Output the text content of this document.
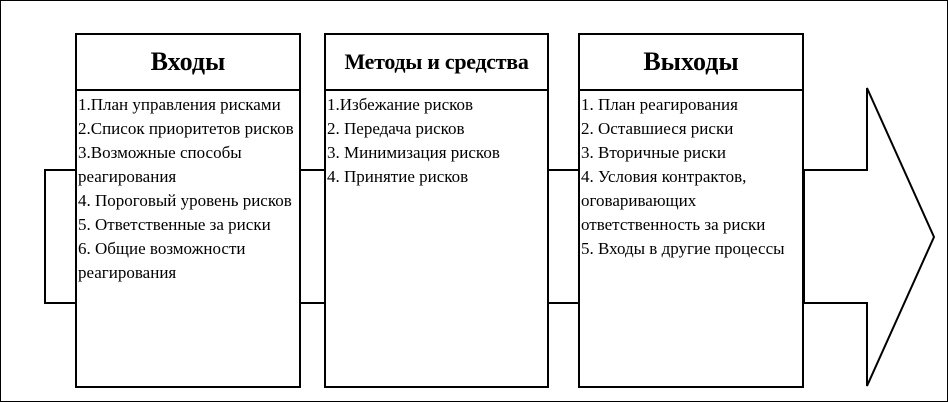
Входы
1.План управления рисками
2.Список приоритетов рисков
3.Возможные способы реагирования
4. Пороговый уровень рисков
5. Ответственные за риски
6. Общие возможности реагирования
Методы и средства
1.Избежание рисков
2. Передача рисков
3. Минимизация рисков
4. Принятие рисков
Выходы
1. План реагирования
2. Оставшиеся риски
3. Вторичные риски
4. Условия контрактов, оговаривающих ответственность за риски
5. Входы в другие процессы
